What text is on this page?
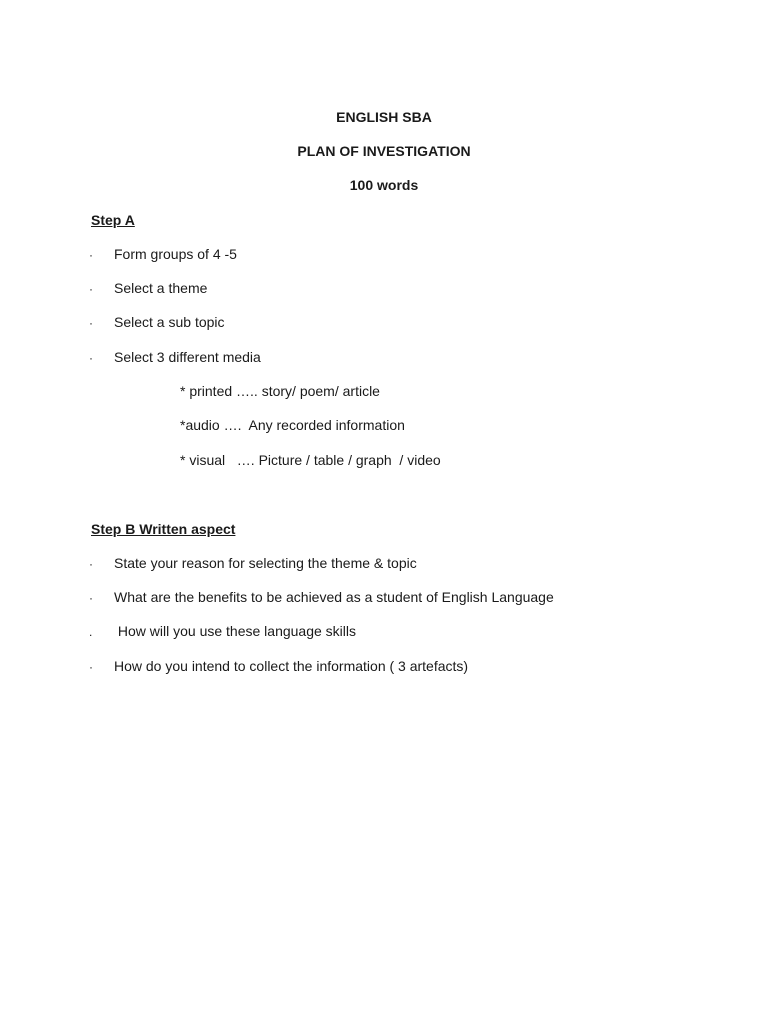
ENGLISH SBA
PLAN OF INVESTIGATION
100 words
Step A
· Form groups of 4 -5
· Select a theme
· Select a sub topic
· Select 3 different media
* printed ….. story/ poem/ article
*audio ….  Any recorded information
* visual   …. Picture / table / graph  / video
Step B Written aspect
· State your reason for selecting the theme & topic
· What are the benefits to be achieved as a student of English Language
. How will you use these language skills
· How do you intend to collect the information ( 3 artefacts)
